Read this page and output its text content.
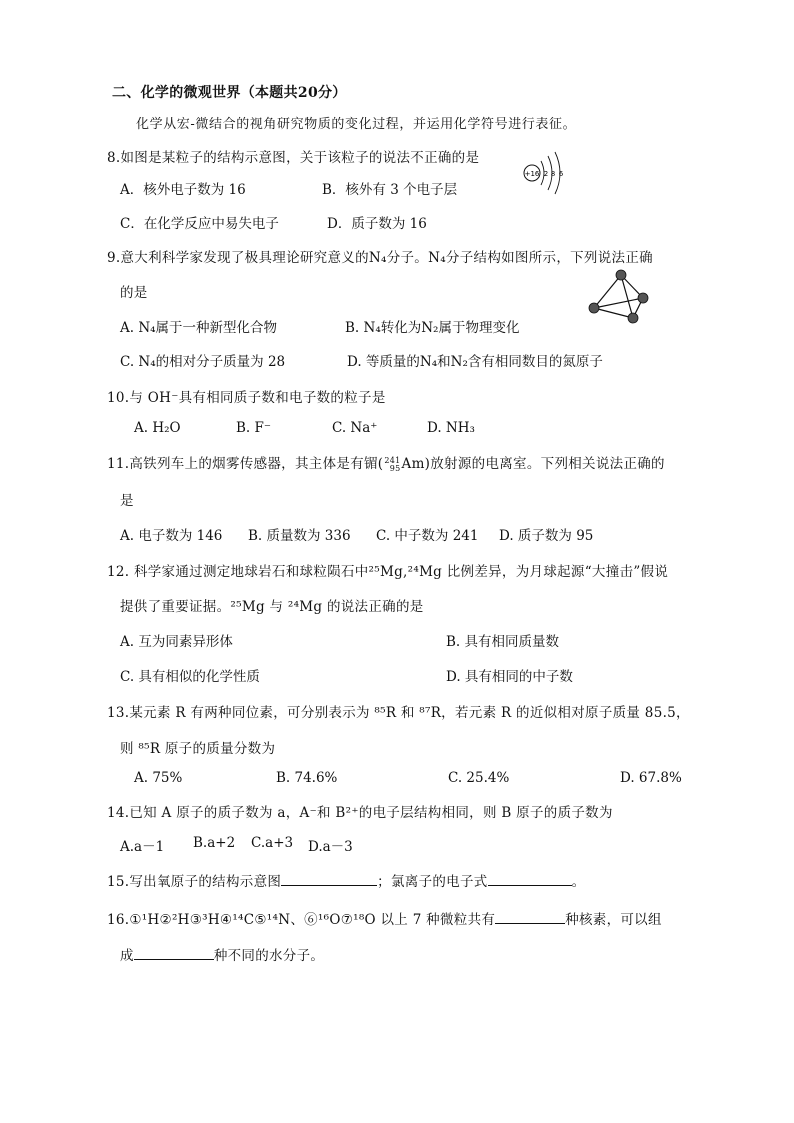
二、化学的微观世界（本题共20分）
化学从宏-微结合的视角研究物质的变化过程，并运用化学符号进行表征。
8.如图是某粒子的结构示意图，关于该粒子的说法不正确的是
+16 2 8 6
A．核外电子数为 16	B．核外有 3 个电子层
C．在化学反应中易失电子	D．质子数为 16
9.意大利科学家发现了极具理论研究意义的N₄分子。N₄分子结构如图所示，下列说法正确
的是
A. N₄属于一种新型化合物	B. N₄转化为N₂属于物理变化
C. N₄的相对分子质量为 28	D. 等质量的N₄和N₂含有相同数目的氮原子
10.与 OH⁻具有相同质子数和电子数的粒子是
A. H₂O	B. F⁻	C. Na⁺	D. NH₃
11.高铁列车上的烟雾传感器，其主体是有镅( 241
95 Am)放射源的电离室。下列相关说法正确的
是
A. 电子数为 146 B. 质量数为 336 C. 中子数为 241 D. 质子数为 95
12. 科学家通过测定地球岩石和球粒陨石中²⁵Mg,²⁴Mg 比例差异，为月球起源“大撞击”假说
提供了重要证据。²⁵Mg 与 ²⁴Mg 的说法正确的是
A. 互为同素异形体	B. 具有相同质量数
C. 具有相似的化学性质	D. 具有相同的中子数
13.某元素 R 有两种同位素，可分别表示为 ⁸⁵R 和 ⁸⁷R，若元素 R 的近似相对原子质量 85.5，
则 ⁸⁵R 原子的质量分数为
A. 75%	B. 74.6%	C. 25.4%	D. 67.8%
14.已知 A 原子的质子数为 a，A⁻和 B²⁺的电子层结构相同，则 B 原子的质子数为
A.a－1 B.a+2 C.a+3 D.a－3
15.写出氧原子的结构示意图	；氯离子的电子式	。
16.①¹H②²H③³H④¹⁴C⑤¹⁴N、⑥¹⁶O⑦¹⁸O 以上 7 种微粒共有	种核素，可以组
成	种不同的水分子。
